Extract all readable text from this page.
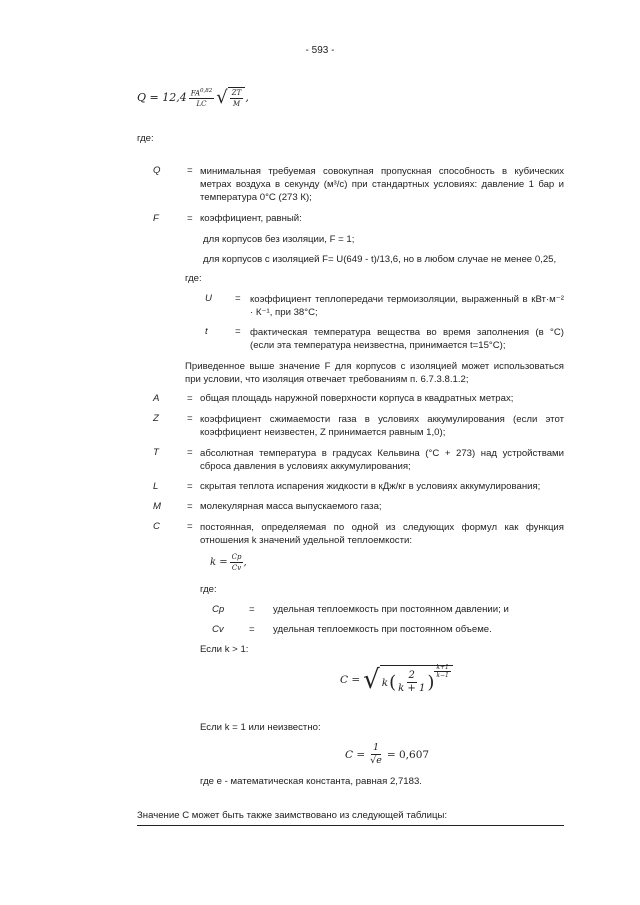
- 593 -
$Q = 12,4 \frac{FA^{0,82}}{LC}$ √ $\frac{ZT}{M}$ ,
где:
Q	= минимальная требуемая совокупная пропускная способность в кубических метрах воздуха в секунду (м³/с) при стандартных условиях: давление 1 бар и температура 0°С (273 К);
F	= коэффициент, равный:
для корпусов без изоляции, F = 1;
для корпусов с изоляцией F= U(649 - t)/13,6, но в любом случае не менее 0,25,
где:
U = коэффициент теплопередачи термоизоляции, выраженный в кВт·м⁻² · К⁻¹, при 38°С;
t	= фактическая температура вещества во время заполнения (в °С) (если эта температура неизвестна, принимается t=15°С);
Приведенное выше значение F для корпусов с изоляцией может использоваться при условии, что изоляция отвечает требованиям п. 6.7.3.8.1.2;
A	= общая площадь наружной поверхности корпуса в квадратных метрах;
Z	= коэффициент сжимаемости газа в условиях аккумулирования (если этот коэффициент неизвестен, Z принимается равным 1,0);
T	= абсолютная температура в градусах Кельвина (°С + 273) над устройствами сброса давления в условиях аккумулирования;
L	= скрытая теплота испарения жидкости в кДж/кг в условиях аккумулирования;
M	= молекулярная масса выпускаемого газа;
C	= постоянная, определяемая по одной из следующих формул как функция отношения k значений удельной теплоемкости:
$k = \frac{Cp}{Cv}$ ,
где:
Cp	= удельная теплоемкость при постоянном давлении; и
Cv	= удельная теплоемкость при постоянном объеме.
Если k > 1:
C = √ k ( $\frac{2}{k + 1}$ )
$\frac{k+1}{k-1}$
Если k = 1 или неизвестно:
$C = \frac{1}{√e} = 0,607$
где e - математическая константа, равная 2,7183.
Значение C может быть также заимствовано из следующей таблицы:
